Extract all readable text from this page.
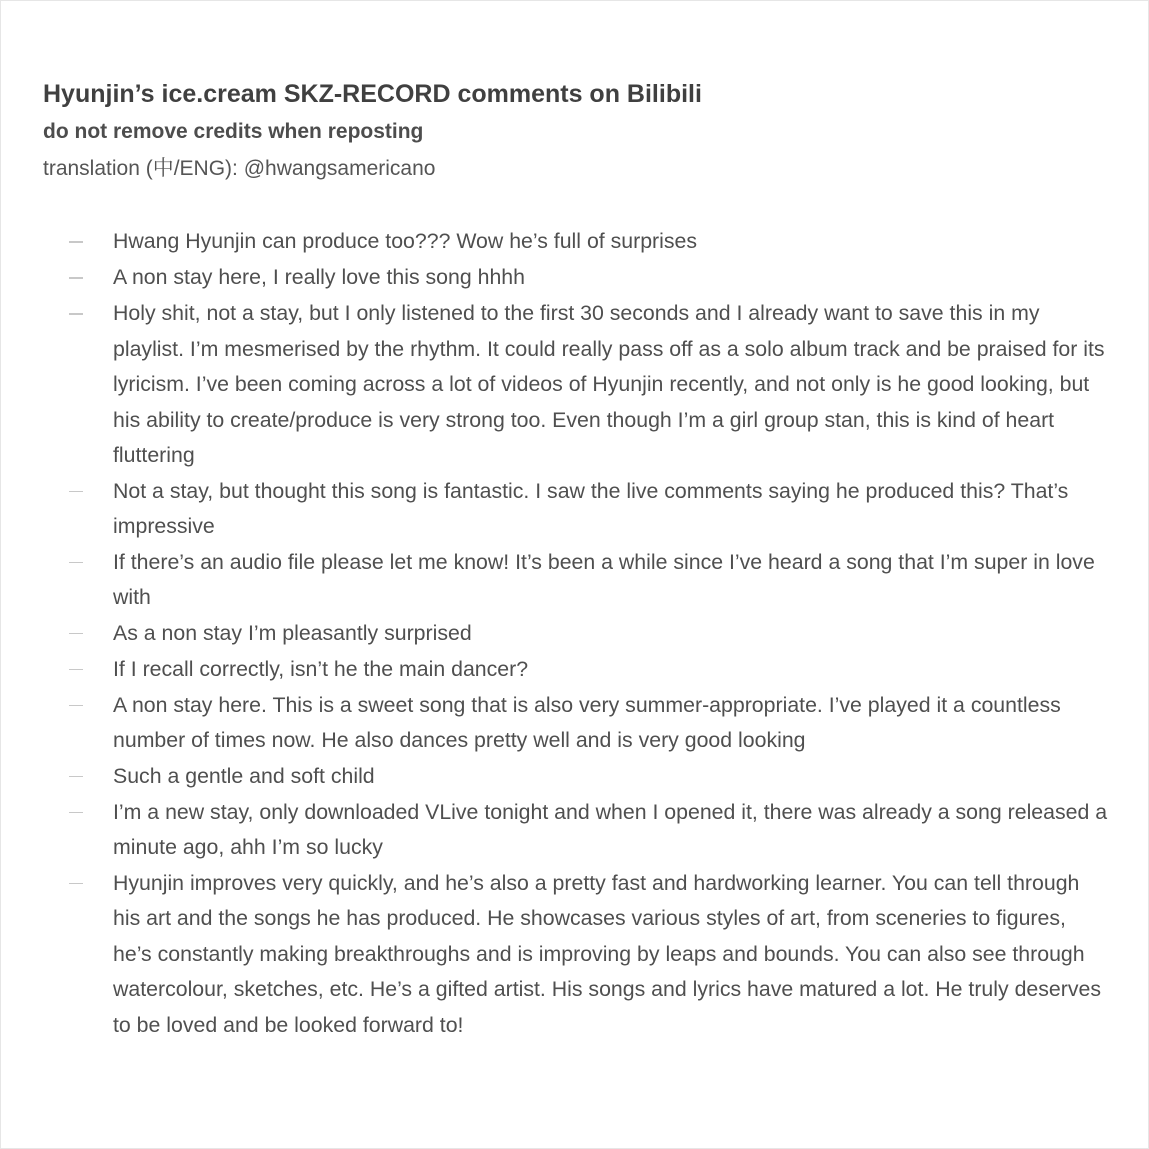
Hyunjin’s ice.cream SKZ-RECORD comments on Bilibili

do not remove credits when reposting

translation (中/ENG): @hwangsamericano

Hwang Hyunjin can produce too??? Wow he’s full of surprises

A non stay here, I really love this song hhhh

Holy shit, not a stay, but I only listened to the first 30 seconds and I already want to save this in my playlist. I’m mesmerised by the rhythm. It could really pass off as a solo album track and be praised for its lyricism. I’ve been coming across a lot of videos of Hyunjin recently, and not only is he good looking, but his ability to create/produce is very strong too. Even though I’m a girl group stan, this is kind of heart fluttering

Not a stay, but thought this song is fantastic. I saw the live comments saying he produced this? That’s impressive

If there’s an audio file please let me know! It’s been a while since I’ve heard a song that I’m super in love with

As a non stay I’m pleasantly surprised

If I recall correctly, isn’t he the main dancer?

A non stay here. This is a sweet song that is also very summer-appropriate. I’ve played it a countless number of times now. He also dances pretty well and is very good looking

Such a gentle and soft child

I’m a new stay, only downloaded VLive tonight and when I opened it, there was already a song released a minute ago, ahh I’m so lucky

Hyunjin improves very quickly, and he’s also a pretty fast and hardworking learner. You can tell through his art and the songs he has produced. He showcases various styles of art, from sceneries to figures, he’s constantly making breakthroughs and is improving by leaps and bounds. You can also see through watercolour, sketches, etc. He’s a gifted artist. His songs and lyrics have matured a lot. He truly deserves to be loved and be looked forward to!
